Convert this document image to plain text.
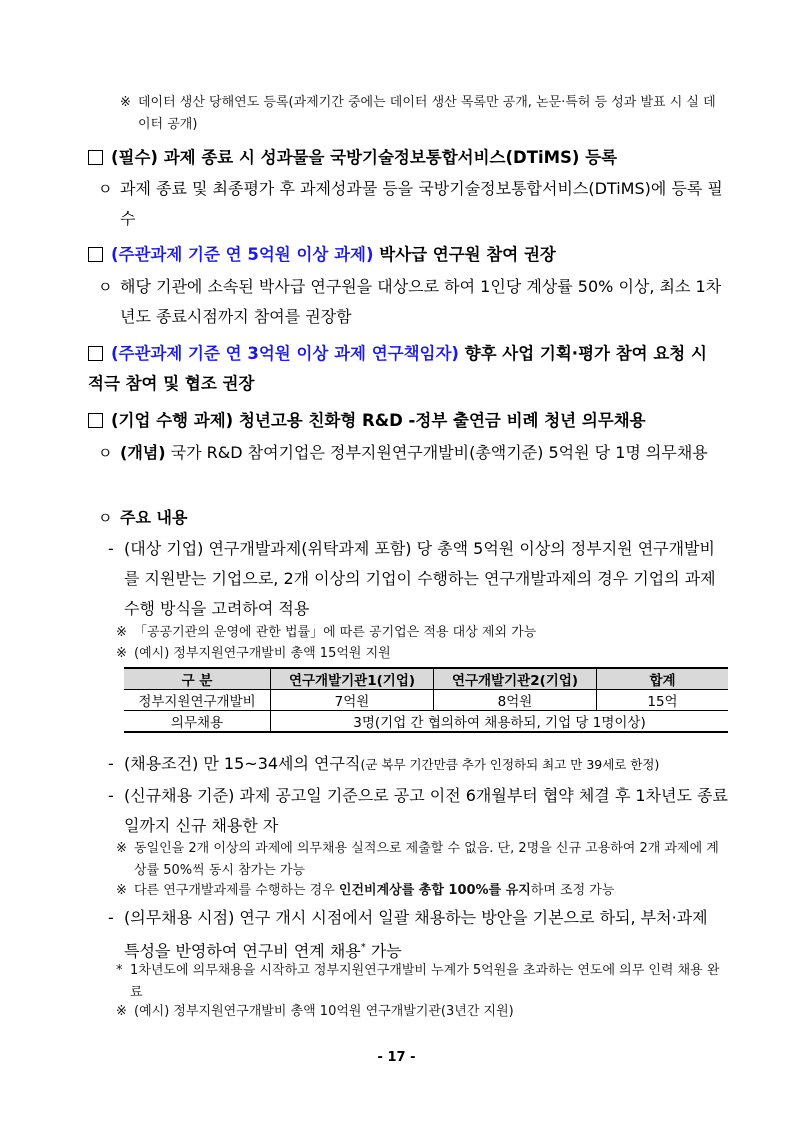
※ 데이터 생산 당해연도 등록(과제기간 중에는 데이터 생산 목록만 공개, 논문·특허 등 성과 발표 시 실 데이터 공개)
(필수) 과제 종료 시 성과물을 국방기술정보통합서비스(DTiMS) 등록
ㅇ 과제 종료 및 최종평가 후 과제성과물 등을 국방기술정보통합서비스(DTiMS)에 등록 필수
(주관과제 기준 연 5억원 이상 과제) 박사급 연구원 참여 권장
ㅇ 해당 기관에 소속된 박사급 연구원을 대상으로 하여 1인당 계상률 50% 이상, 최소 1차년도 종료시점까지 참여를 권장함
(주관과제 기준 연 3억원 이상 과제 연구책임자) 향후 사업 기획·평가 참여 요청 시 적극 참여 및 협조 권장
(기업 수행 과제) 청년고용 친화형 R&D -정부 출연금 비례 청년 의무채용
ㅇ (개념) 국가 R&D 참여기업은 정부지원연구개발비(총액기준) 5억원 당 1명 의무채용
ㅇ 주요 내용
- (대상 기업) 연구개발과제(위탁과제 포함) 당 총액 5억원 이상의 정부지원 연구개발비를 지원받는 기업으로, 2개 이상의 기업이 수행하는 연구개발과제의 경우 기업의 과제수행 방식을 고려하여 적용
※ 「공공기관의 운영에 관한 법률」에 따른 공기업은 적용 대상 제외 가능
※ (예시) 정부지원연구개발비 총액 15억원 지원
구 분	연구개발기관1(기업)	연구개발기관2(기업)	합계
정부지원연구개발비	7억원	8억원	15억
의무채용	3명(기업 간 협의하여 채용하되, 기업 당 1명이상)		
- (채용조건) 만 15~34세의 연구직(군 복무 기간만큼 추가 인정하되 최고 만 39세로 한정)
- (신규채용 기준) 과제 공고일 기준으로 공고 이전 6개월부터 협약 체결 후 1차년도 종료일까지 신규 채용한 자
※ 동일인을 2개 이상의 과제에 의무채용 실적으로 제출할 수 없음. 단, 2명을 신규 고용하여 2개 과제에 계상률 50%씩 동시 참가는 가능
※ 다른 연구개발과제를 수행하는 경우 인건비계상를 총합 100%를 유지하며 조정 가능
- (의무채용 시점) 연구 개시 시점에서 일괄 채용하는 방안을 기본으로 하되, 부처·과제 특성을 반영하여 연구비 연계 채용* 가능
* 1차년도에 의무채용을 시작하고 정부지원연구개발비 누계가 5억원을 초과하는 연도에 의무 인력 채용 완료
※ (예시) 정부지원연구개발비 총액 10억원 연구개발기관(3년간 지원)
- 17 -
